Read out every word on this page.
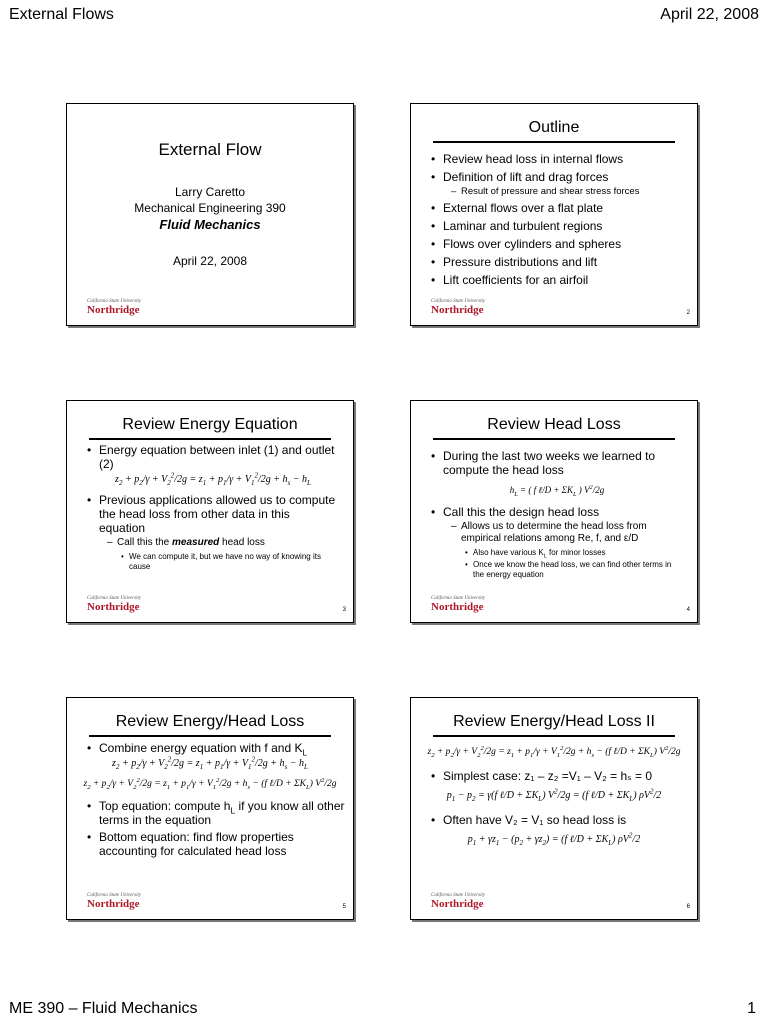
External Flows	April 22, 2008
External Flow
Larry Caretto
Mechanical Engineering 390
Fluid Mechanics
April 22, 2008
California State University
Northridge
Outline
• Review head loss in internal flows
• Definition of lift and drag forces
– Result of pressure and shear stress forces
• External flows over a flat plate
• Laminar and turbulent regions
• Flows over cylinders and spheres
• Pressure distributions and lift
• Lift coefficients for an airfoil
California State University
Northridge	2
Review Energy Equation
• Energy equation between inlet (1) and outlet (2)
$z_2 + p_2/\gamma + V_2^2/2g = z_1 + p_1/\gamma + V_1^2/2g + h_s - h_L$
• Previous applications allowed us to compute the head loss from other data in this equation
– Call this the measured head loss
• We can compute it, but we have no way of knowing its cause
California State University
Northridge	3
Review Head Loss
• During the last two weeks we learned to compute the head loss
$h_L$ = ( f ℓ/D + $\Sigma K_L$ ) $V^2/2g$
• Call this the design head loss
– Allows us to determine the head loss from empirical relations among Re, f, and ε/D
• Also have various $K_L$ for minor losses
• Once we know the head loss, we can find other terms in the energy equation
California State University
Northridge	4
Review Energy/Head Loss
• Combine energy equation with f and $K_L$
$z_2 + p_2/\gamma + V_2^2/2g = z_1 + p_1/\gamma + V_1^2/2g + h_s - h_L$
$z_2 + p_2/\gamma + V_2^2/2g = z_1 + p_1/\gamma + V_1^2/2g + h_s - (f$ ℓ/D + $\Sigma K_L$) $V^2/2g$
• Top equation: compute $h_L$ if you know all other terms in the equation
• Bottom equation: find flow properties accounting for calculated head loss
California State University
Northridge	5
Review Energy/Head Loss II
$z_2 + p_2/\gamma + V_2^2/2g = z_1 + p_1/\gamma + V_1^2/2g + h_s - (f$ ℓ/D + $\Sigma K_L$) $V^2/2g$
• Simplest case: z₁ – z₂ =V₁ – V₂ = hₛ = 0
$p_1 - p_2 = \gamma(f$ ℓ/D + $\Sigma K_L$) $V^2/2g = (f$ ℓ/D + $\Sigma K_L$) $\rho V^2/2$
• Often have V₂ = V₁ so head loss is
$p_1 + \gamma z_1 - (p_2 + \gamma z_2) = (f$ ℓ/D + $\Sigma K_L$) $\rho V^2/2$
California State University
Northridge	6
ME 390 – Fluid Mechanics	1
